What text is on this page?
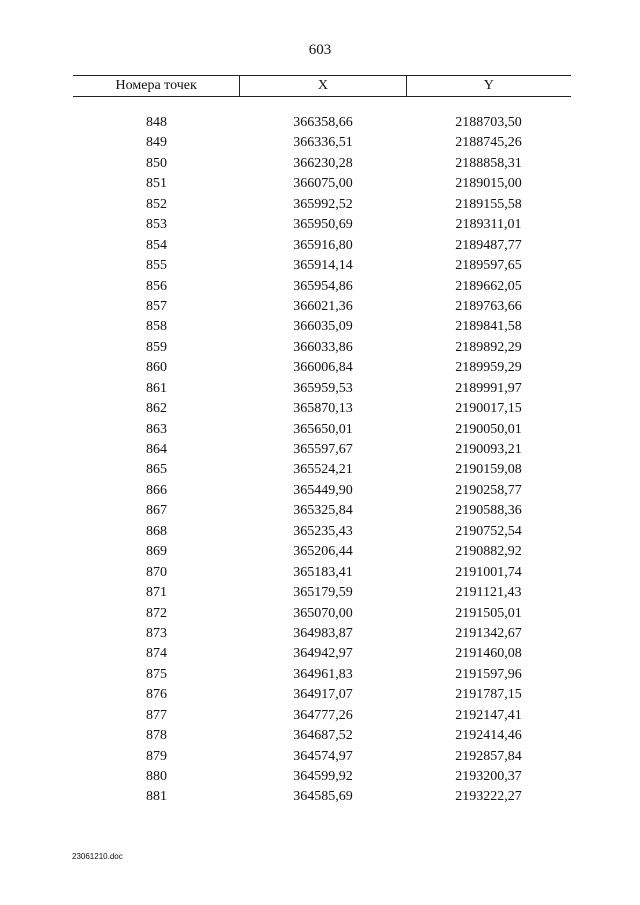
603
Номера точек	X	Y
848	366358,66	2188703,50
849	366336,51	2188745,26
850	366230,28	2188858,31
851	366075,00	2189015,00
852	365992,52	2189155,58
853	365950,69	2189311,01
854	365916,80	2189487,77
855	365914,14	2189597,65
856	365954,86	2189662,05
857	366021,36	2189763,66
858	366035,09	2189841,58
859	366033,86	2189892,29
860	366006,84	2189959,29
861	365959,53	2189991,97
862	365870,13	2190017,15
863	365650,01	2190050,01
864	365597,67	2190093,21
865	365524,21	2190159,08
866	365449,90	2190258,77
867	365325,84	2190588,36
868	365235,43	2190752,54
869	365206,44	2190882,92
870	365183,41	2191001,74
871	365179,59	2191121,43
872	365070,00	2191505,01
873	364983,87	2191342,67
874	364942,97	2191460,08
875	364961,83	2191597,96
876	364917,07	2191787,15
877	364777,26	2192147,41
878	364687,52	2192414,46
879	364574,97	2192857,84
880	364599,92	2193200,37
881	364585,69	2193222,27
23061210.doc
